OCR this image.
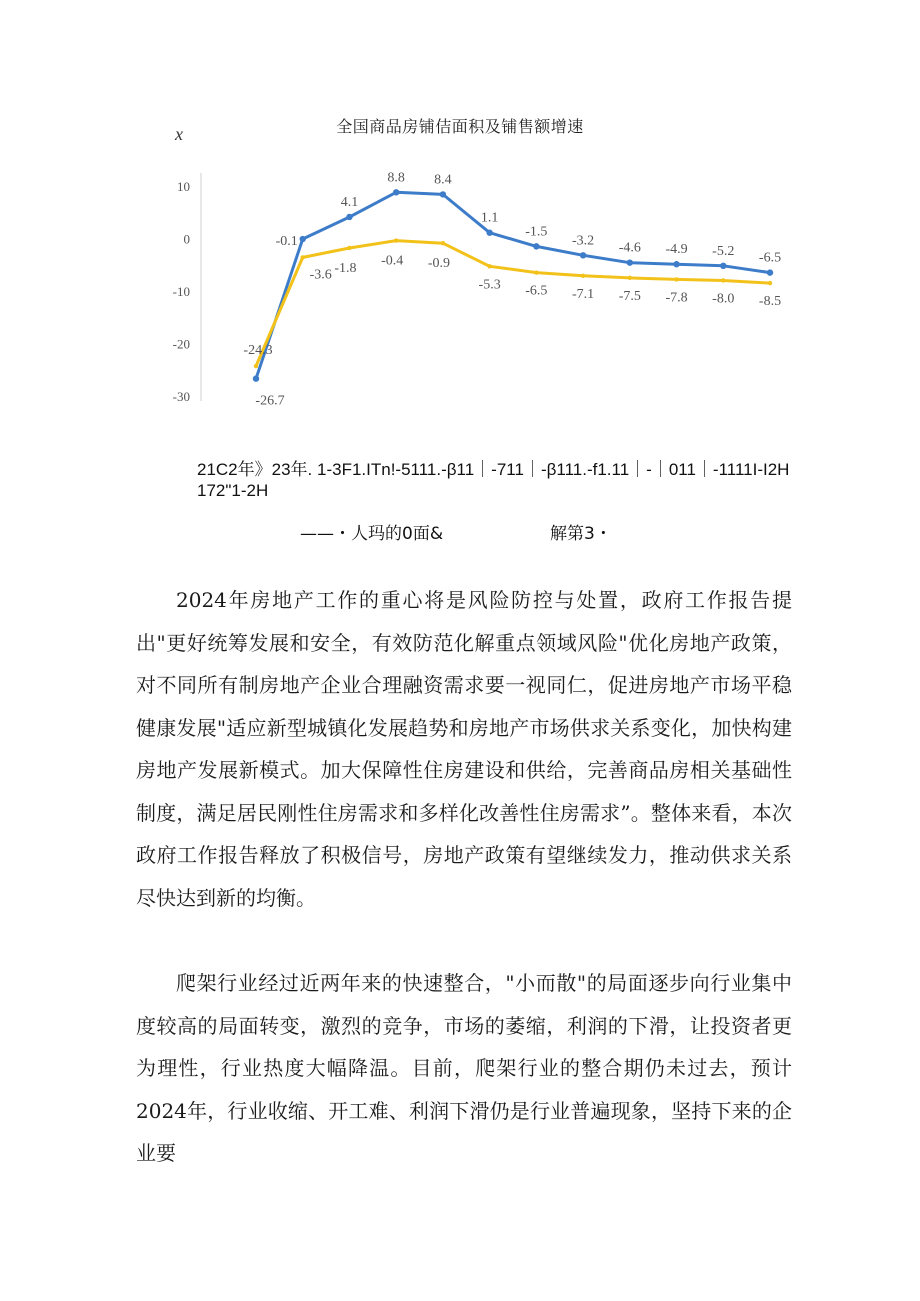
全国商品房铺佶面积及铺售额增速
x
10
0
-10
-20
-30	-26.7
-0.1
4.1
8.8 8.4
1.1
-1.5
-3.2 -4.6 -4.9 -5.2 -6.5
-24.3
-3.6 -1.8 -0.4 -0.9
-5.3 -6.5 -7.1 -7.5 -7.8 -8.0 -8.5
21C2年》23年. 1-3F1.ITn!-5111.-β11｜-711｜-β111.-f1.11｜-｜011｜-1111I-I2H172"1-2H
——・人玛的0面&	解第3・

2024年房地产工作的重心将是风险防控与处置，政府工作报告提出"更好统筹发展和安全，有效防范化解重点领域风险"优化房地产政策，对不同所有制房地产企业合理融资需求要一视同仁，促进房地产市场平稳健康发展"适应新型城镇化发展趋势和房地产市场供求关系变化，加快构建房地产发展新模式。加大保障性住房建设和供给，完善商品房相关基础性制度，满足居民刚性住房需求和多样化改善性住房需求”。整体来看，本次政府工作报告释放了积极信号，房地产政策有望继续发力，推动供求关系尽快达到新的均衡。

爬架行业经过近两年来的快速整合，"小而散"的局面逐步向行业集中度较高的局面转变，激烈的竞争，市场的萎缩，利润的下滑，让投资者更为理性，行业热度大幅降温。目前，爬架行业的整合期仍未过去，预计2024年，行业收缩、开工难、利润下滑仍是行业普遍现象，坚持下来的企业要
